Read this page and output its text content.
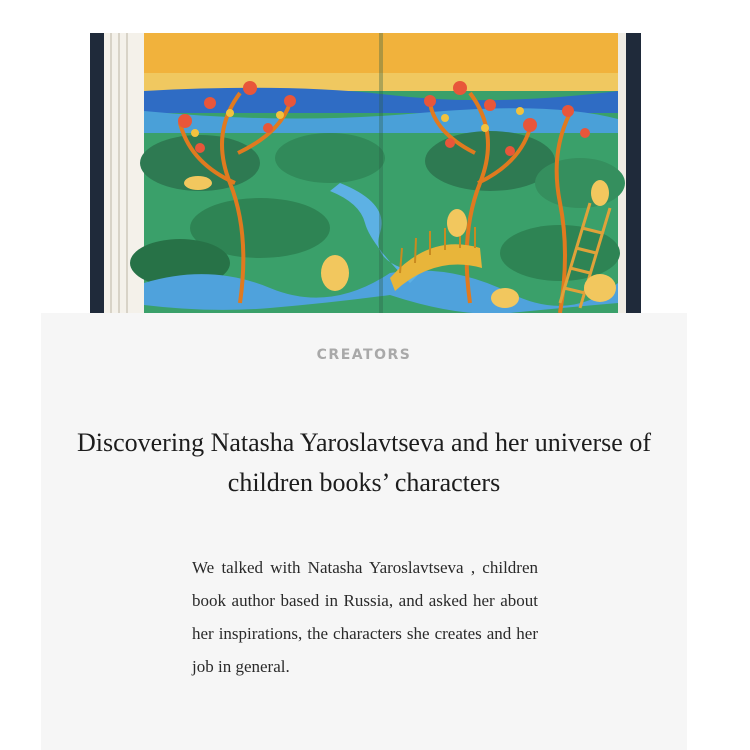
CREATORS
Discovering Natasha Yaroslavtseva and her universe of children books’ characters

We talked with Natasha Yaroslavtseva , children book author based in Russia, and asked her about her inspirations, the characters she creates and her job in general.
